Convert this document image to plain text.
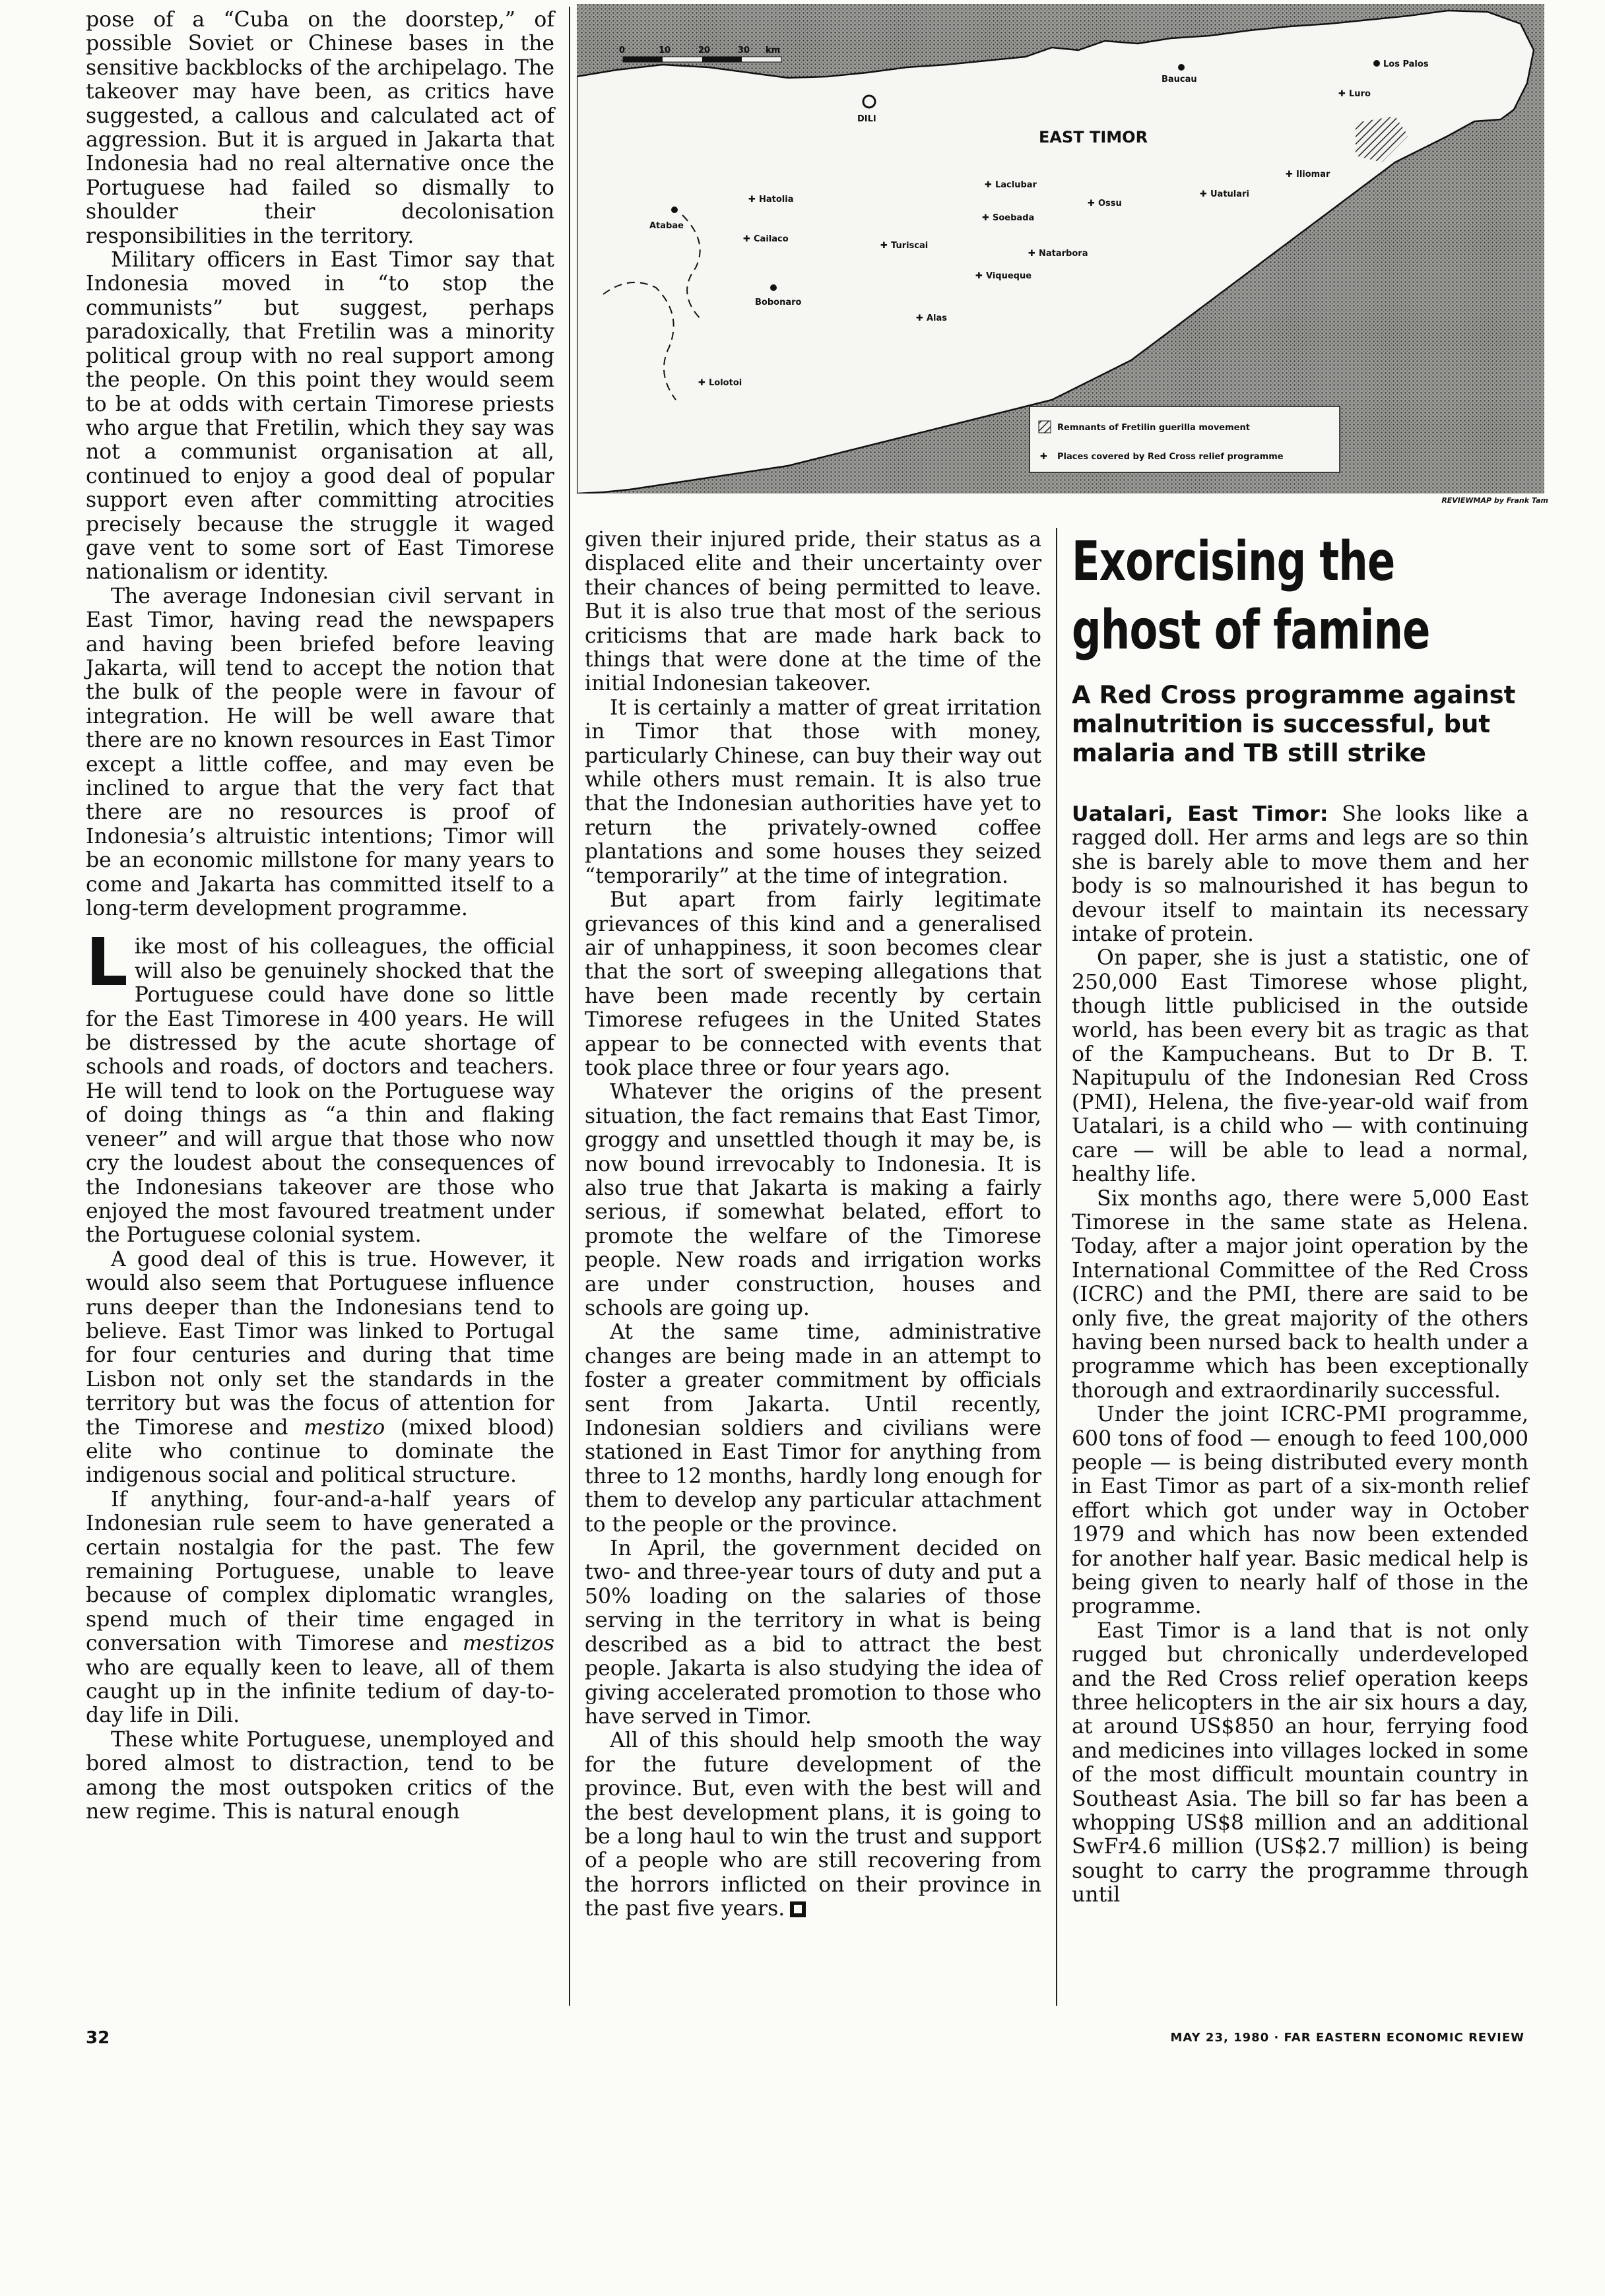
0	10	20	30 km
EAST TIMOR
Los Palos
Baucau
Luro
✚
DILI
Iliomar
✚
Uatulari
✚
Laclubar
✚
Ossu
✚
Hatolia
✚
Atabae
Cailaco
✚
Soebada
✚
Turiscai
✚
Natarbora
✚
Viqueque
✚
Bobonaro
Alas
✚
Lolotoi
✚
Remnants of Fretilin guerilla movement
✚ Places covered by Red Cross relief programme
REVIEWMAP by Frank Tam

pose of a “Cuba on the doorstep,” of possible Soviet or Chinese bases in the sensitive backblocks of the archipelago. The takeover may have been, as critics have suggested, a callous and calculated act of aggression. But it is argued in Jakarta that Indonesia had no real alternative once the Portuguese had failed so dismally to shoulder their decolonisation responsibilities in the territory.

Military officers in East Timor say that Indonesia moved in “to stop the communists” but suggest, perhaps paradoxically, that Fretilin was a minority political group with no real support among the people. On this point they would seem to be at odds with certain Timorese priests who argue that Fretilin, which they say was not a communist organisation at all, continued to enjoy a good deal of popular support even after committing atrocities precisely because the struggle it waged gave vent to some sort of East Timorese nationalism or identity.

The average Indonesian civil servant in East Timor, having read the newspapers and having been briefed before leaving Jakarta, will tend to accept the notion that the bulk of the people were in favour of integration. He will be well aware that there are no known resources in East Timor except a little coffee, and may even be inclined to argue that the very fact that there are no resources is proof of Indonesia’s altruistic intentions; Timor will be an economic millstone for many years to come and Jakarta has committed itself to a long-term development programme.

Like most of his colleagues, the official will also be genuinely shocked that the Portuguese could have done so little for the East Timorese in 400 years. He will be distressed by the acute shortage of schools and roads, of doctors and teachers. He will tend to look on the Portuguese way of doing things as “a thin and flaking veneer” and will argue that those who now cry the loudest about the consequences of the Indonesians takeover are those who enjoyed the most favoured treatment under the Portuguese colonial system.

A good deal of this is true. However, it would also seem that Portuguese influence runs deeper than the Indonesians tend to believe. East Timor was linked to Portugal for four centuries and during that time Lisbon not only set the standards in the territory but was the focus of attention for the Timorese and mestizo (mixed blood) elite who continue to dominate the indigenous social and political structure.

If anything, four-and-a-half years of Indonesian rule seem to have generated a certain nostalgia for the past. The few remaining Portuguese, unable to leave because of complex diplomatic wrangles, spend much of their time engaged in conversation with Timorese and mestizos who are equally keen to leave, all of them caught up in the infinite tedium of day-to-day life in Dili.

These white Portuguese, unemployed and bored almost to distraction, tend to be among the most outspoken critics of the new regime. This is natural enough

given their injured pride, their status as a displaced elite and their uncertainty over their chances of being permitted to leave. But it is also true that most of the serious criticisms that are made hark back to things that were done at the time of the initial Indonesian takeover.

It is certainly a matter of great irritation in Timor that those with money, particularly Chinese, can buy their way out while others must remain. It is also true that the Indonesian authorities have yet to return the privately-owned coffee plantations and some houses they seized “temporarily” at the time of integration.

But apart from fairly legitimate grievances of this kind and a generalised air of unhappiness, it soon becomes clear that the sort of sweeping allegations that have been made recently by certain Timorese refugees in the United States appear to be connected with events that took place three or four years ago.

Whatever the origins of the present situation, the fact remains that East Timor, groggy and unsettled though it may be, is now bound irrevocably to Indonesia. It is also true that Jakarta is making a fairly serious, if somewhat belated, effort to promote the welfare of the Timorese people. New roads and irrigation works are under construction, houses and schools are going up.

At the same time, administrative changes are being made in an attempt to foster a greater commitment by officials sent from Jakarta. Until recently, Indonesian soldiers and civilians were stationed in East Timor for anything from three to 12 months, hardly long enough for them to develop any particular attachment to the people or the province.

In April, the government decided on two- and three-year tours of duty and put a 50% loading on the salaries of those serving in the territory in what is being described as a bid to attract the best people. Jakarta is also studying the idea of giving accelerated promotion to those who have served in Timor.

All of this should help smooth the way for the future development of the province. But, even with the best will and the best development plans, it is going to be a long haul to win the trust and support of a people who are still recovering from the horrors inflicted on their province in the past five years.

Exorcising the ghost of famine

A Red Cross programme against malnutrition is successful, but malaria and TB still strike

Uatalari, East Timor: She looks like a ragged doll. Her arms and legs are so thin she is barely able to move them and her body is so malnourished it has begun to devour itself to maintain its necessary intake of protein.

On paper, she is just a statistic, one of 250,000 East Timorese whose plight, though little publicised in the outside world, has been every bit as tragic as that of the Kampucheans. But to Dr B. T. Napitupulu of the Indonesian Red Cross (PMI), Helena, the five-year-old waif from Uatalari, is a child who — with continuing care — will be able to lead a normal, healthy life.

Six months ago, there were 5,000 East Timorese in the same state as Helena. Today, after a major joint operation by the International Committee of the Red Cross (ICRC) and the PMI, there are said to be only five, the great majority of the others having been nursed back to health under a programme which has been exceptionally thorough and extraordinarily successful.

Under the joint ICRC-PMI programme, 600 tons of food — enough to feed 100,000 people — is being distributed every month in East Timor as part of a six-month relief effort which got under way in October 1979 and which has now been extended for another half year. Basic medical help is being given to nearly half of those in the programme.

East Timor is a land that is not only rugged but chronically underdeveloped and the Red Cross relief operation keeps three helicopters in the air six hours a day, at around US$850 an hour, ferrying food and medicines into villages locked in some of the most difficult mountain country in Southeast Asia. The bill so far has been a whopping US$8 million and an additional SwFr4.6 million (US$2.7 million) is being sought to carry the programme through until

32	MAY 23, 1980 · FAR EASTERN ECONOMIC REVIEW
